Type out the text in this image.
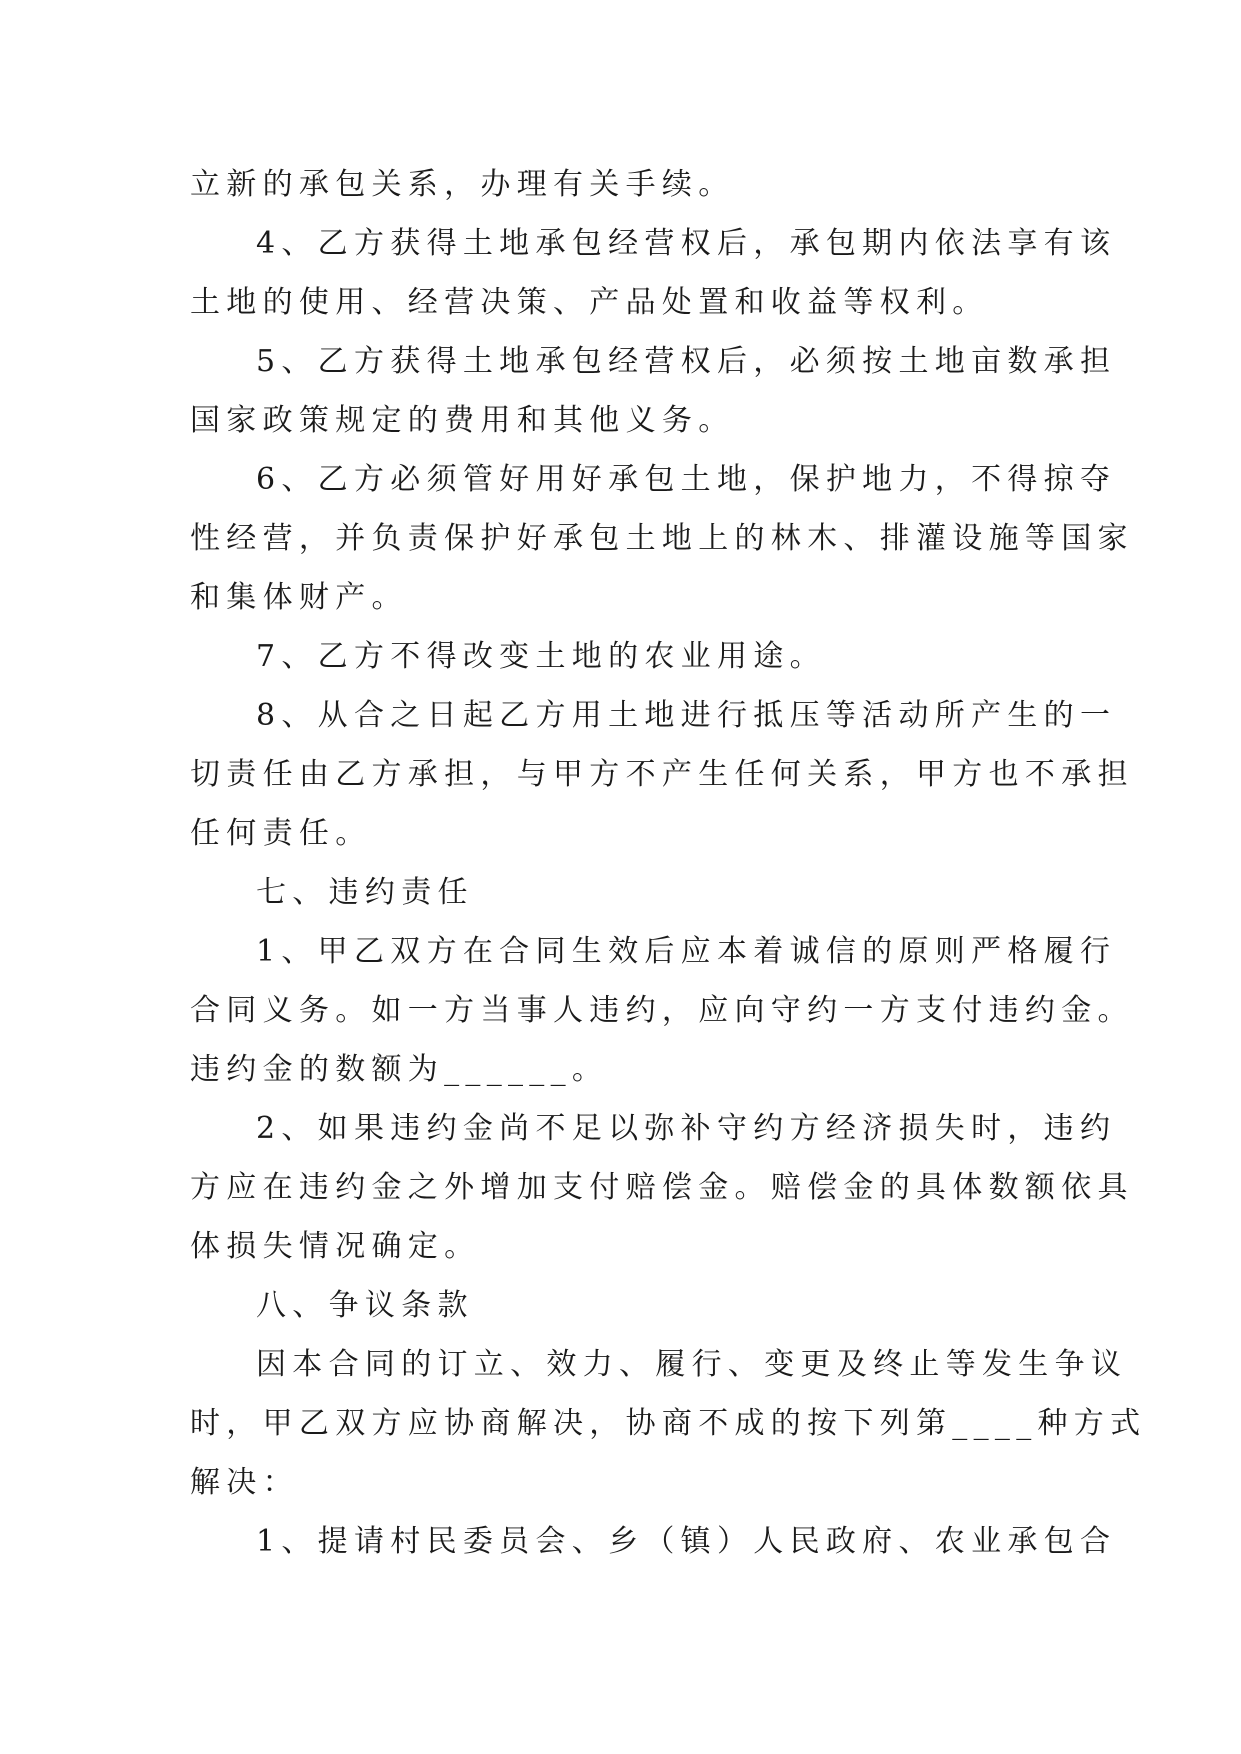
立新的承包关系，办理有关手续。

4、乙方获得土地承包经营权后，承包期内依法享有该
土地的使用、经营决策、产品处置和收益等权利。

5、乙方获得土地承包经营权后，必须按土地亩数承担
国家政策规定的费用和其他义务。

6、乙方必须管好用好承包土地，保护地力，不得掠夺
性经营，并负责保护好承包土地上的林木、排灌设施等国家
和集体财产。

7、乙方不得改变土地的农业用途。

8、从合之日起乙方用土地进行抵压等活动所产生的一
切责任由乙方承担，与甲方不产生任何关系，甲方也不承担
任何责任。

七、违约责任

1、甲乙双方在合同生效后应本着诚信的原则严格履行
合同义务。如一方当事人违约，应向守约一方支付违约金。
违约金的数额为______。

2、如果违约金尚不足以弥补守约方经济损失时，违约
方应在违约金之外增加支付赔偿金。赔偿金的具体数额依具
体损失情况确定。

八、争议条款

因本合同的订立、效力、履行、变更及终止等发生争议
时，甲乙双方应协商解决，协商不成的按下列第____种方式
解决：

1、提请村民委员会、乡（镇）人民政府、农业承包合
